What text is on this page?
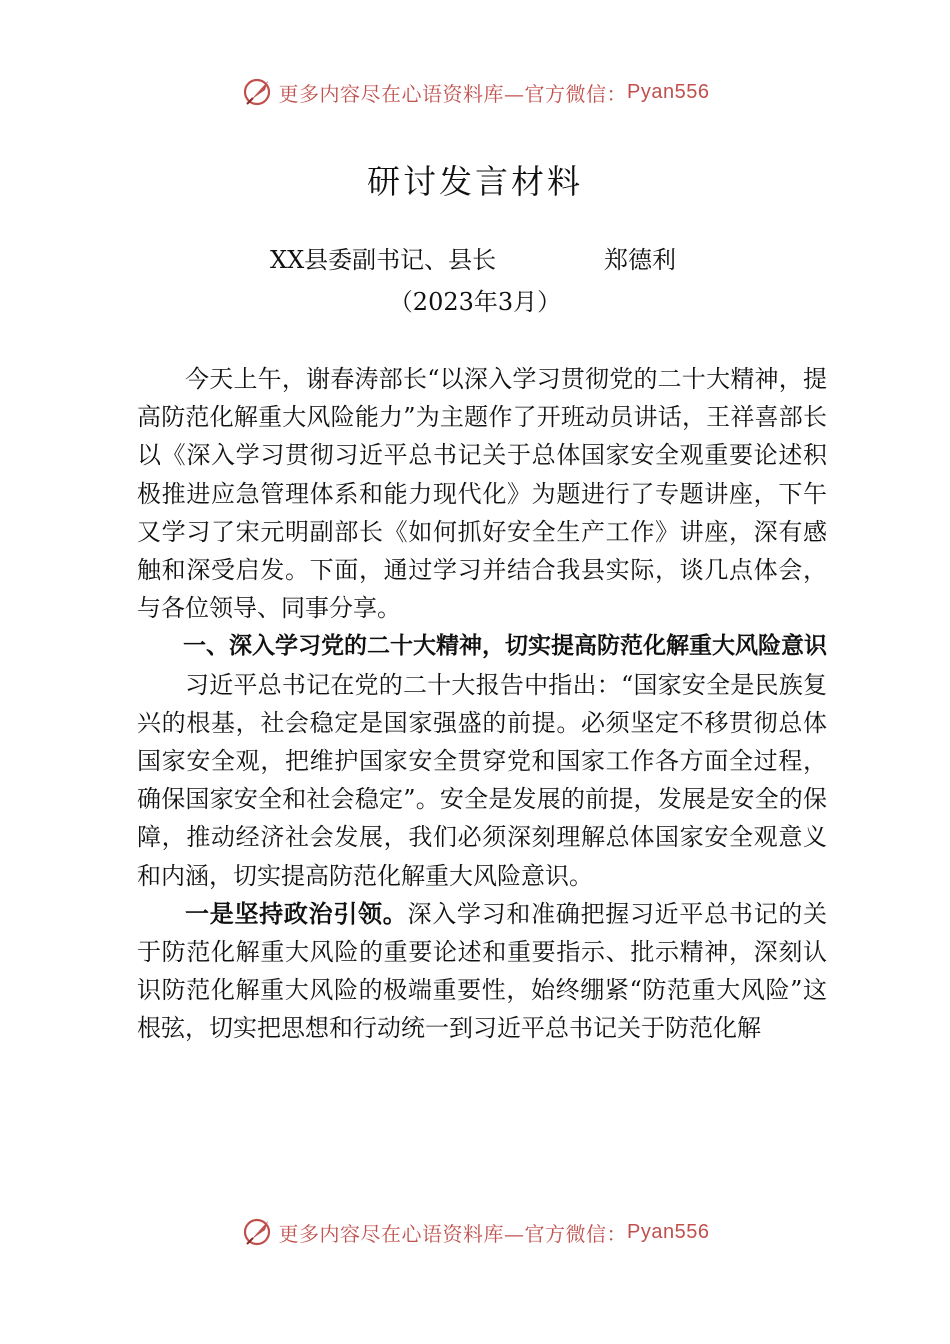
更多内容尽在心语资料库—官方微信： Pyan556
研讨发言材料
XX县委副书记、县长	郑德利
（2023年3月）

今天上午，谢春涛部长“以深入学习贯彻党的二十大精神，提高防范化解重大风险能力”为主题作了开班动员讲话，王祥喜部长以《深入学习贯彻习近平总书记关于总体国家安全观重要论述积极推进应急管理体系和能力现代化》为题进行了专题讲座，下午又学习了宋元明副部长《如何抓好安全生产工作》讲座，深有感触和深受启发。下面，通过学习并结合我县实际，谈几点体会，与各位领导、同事分享。

一、深入学习党的二十大精神，切实提高防范化解重大风险意识

习近平总书记在党的二十大报告中指出：“国家安全是民族复兴的根基，社会稳定是国家强盛的前提。必须坚定不移贯彻总体国家安全观，把维护国家安全贯穿党和国家工作各方面全过程，确保国家安全和社会稳定”。安全是发展的前提，发展是安全的保障，推动经济社会发展，我们必须深刻理解总体国家安全观意义和内涵，切实提高防范化解重大风险意识。

一是坚持政治引领。深入学习和准确把握习近平总书记的关于防范化解重大风险的重要论述和重要指示、批示精神，深刻认识防范化解重大风险的极端重要性，始终绷紧“防范重大风险”这根弦，切实把思想和行动统一到习近平总书记关于防范化解

更多内容尽在心语资料库—官方微信： Pyan556
